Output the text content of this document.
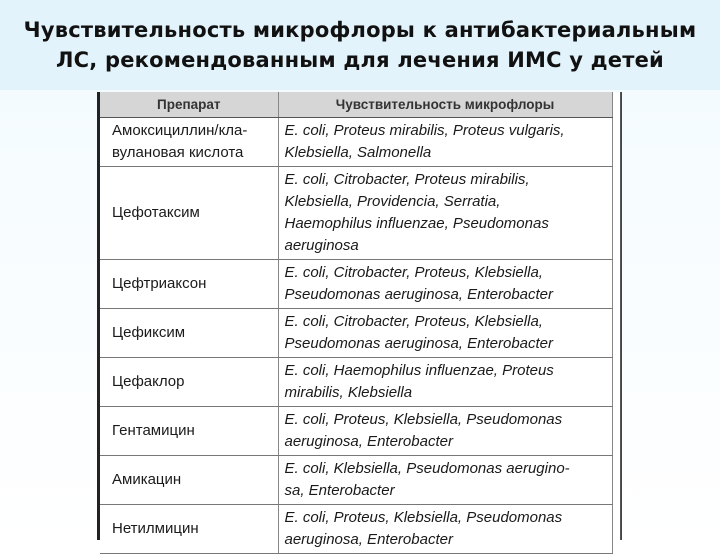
Чувствительность микрофлоры к антибактериальным
ЛС, рекомендованным для лечения ИМС у детей
Препарат	Чувствительность микрофлоры

Амоксициллин/кла-
вулановая кислота	E. coli, Proteus mirabilis, Proteus vulgaris,
Klebsiella, Salmonella

Цефотаксим	E. coli, Citrobacter, Proteus mirabilis,
Klebsiella, Providencia, Serratia,
Haemophilus influenzae, Pseudomonas
aeruginosa

Цефтриаксон	E. coli, Citrobacter, Proteus, Klebsiella,
Pseudomonas aeruginosa, Enterobacter

Цефиксим	E. coli, Citrobacter, Proteus, Klebsiella,
Pseudomonas aeruginosa, Enterobacter

Цефаклор	E. coli, Haemophilus influenzae, Proteus
mirabilis, Klebsiella

Гентамицин	E. coli, Proteus, Klebsiella, Pseudomonas
aeruginosa, Enterobacter

Амикацин	E. coli, Klebsiella, Pseudomonas aerugino-
sa, Enterobacter

Нетилмицин	E. coli, Proteus, Klebsiella, Pseudomonas
aeruginosa, Enterobacter
